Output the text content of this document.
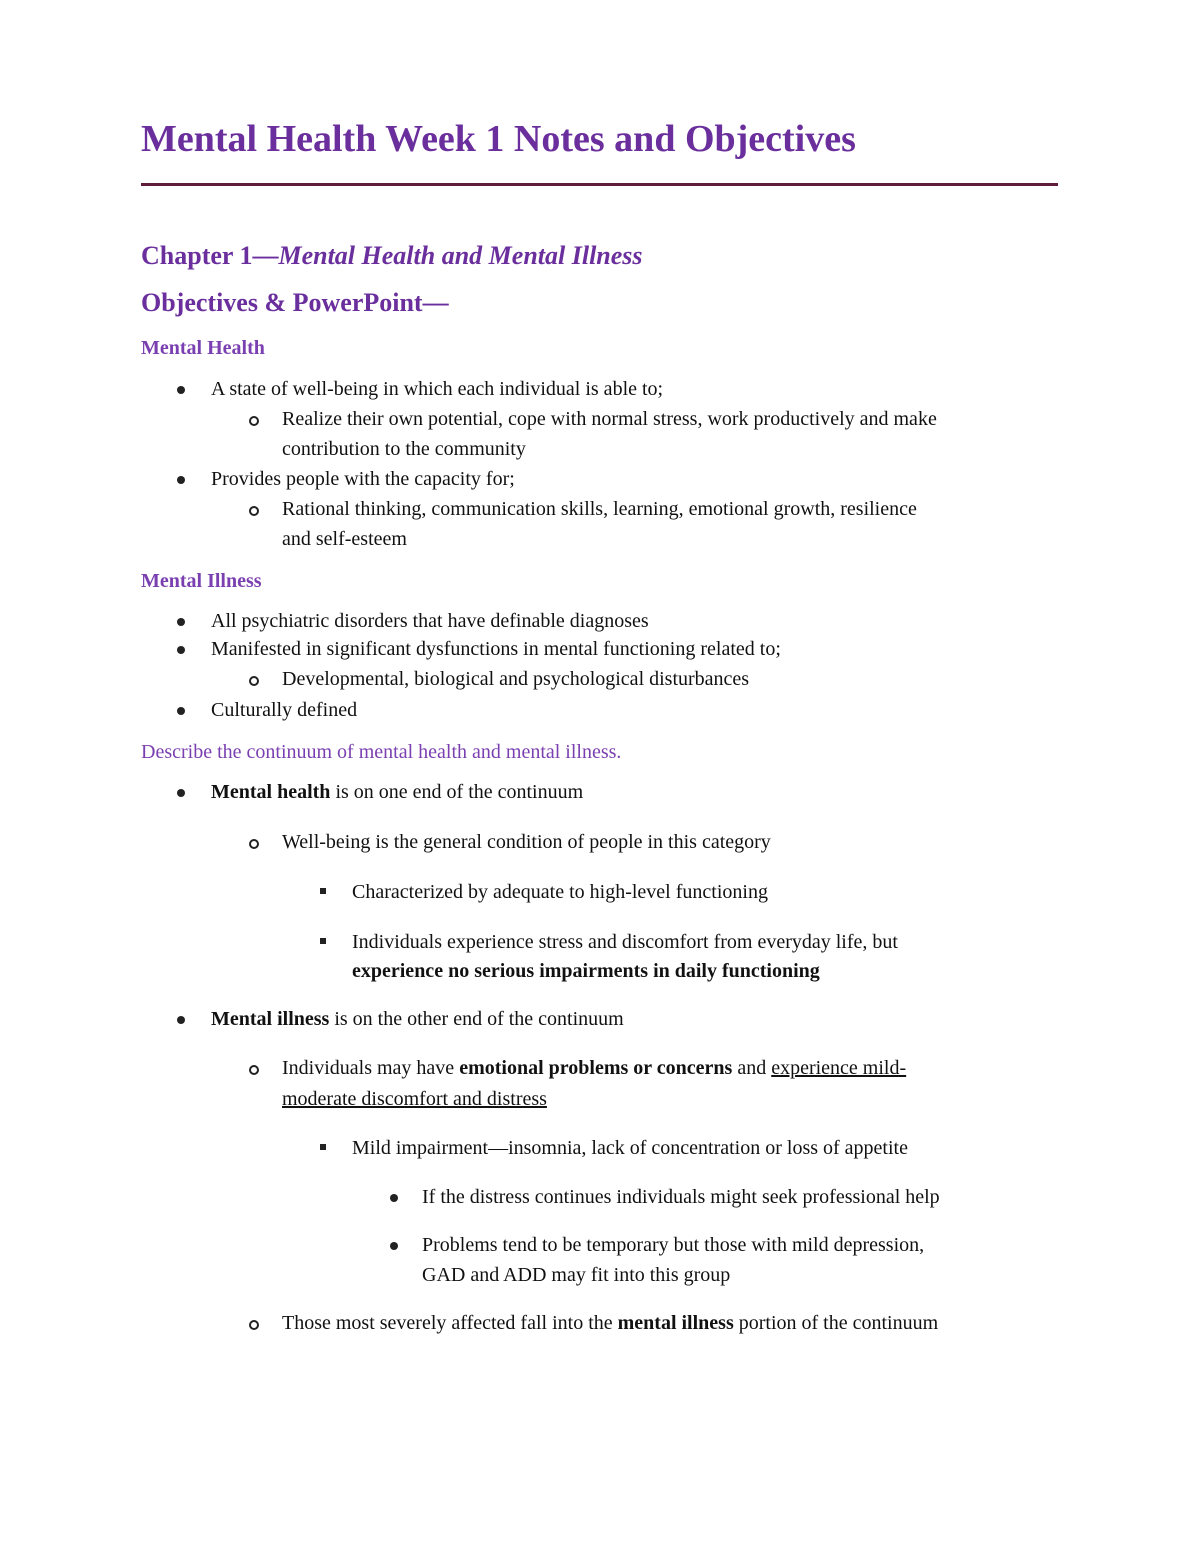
Mental Health Week 1 Notes and Objectives
Chapter 1—Mental Health and Mental Illness
Objectives & PowerPoint—
Mental Health
A state of well-being in which each individual is able to;
Realize their own potential, cope with normal stress, work productively and make
contribution to the community
Provides people with the capacity for;
Rational thinking, communication skills, learning, emotional growth, resilience
and self-esteem
Mental Illness
All psychiatric disorders that have definable diagnoses
Manifested in significant dysfunctions in mental functioning related to;
Developmental, biological and psychological disturbances
Culturally defined
Describe the continuum of mental health and mental illness.
Mental health is on one end of the continuum
Well-being is the general condition of people in this category
Characterized by adequate to high-level functioning
Individuals experience stress and discomfort from everyday life, but
experience no serious impairments in daily functioning
Mental illness is on the other end of the continuum
Individuals may have emotional problems or concerns and experience mild-
moderate discomfort and distress
Mild impairment—insomnia, lack of concentration or loss of appetite
If the distress continues individuals might seek professional help
Problems tend to be temporary but those with mild depression,
GAD and ADD may fit into this group
Those most severely affected fall into the mental illness portion of the continuum
